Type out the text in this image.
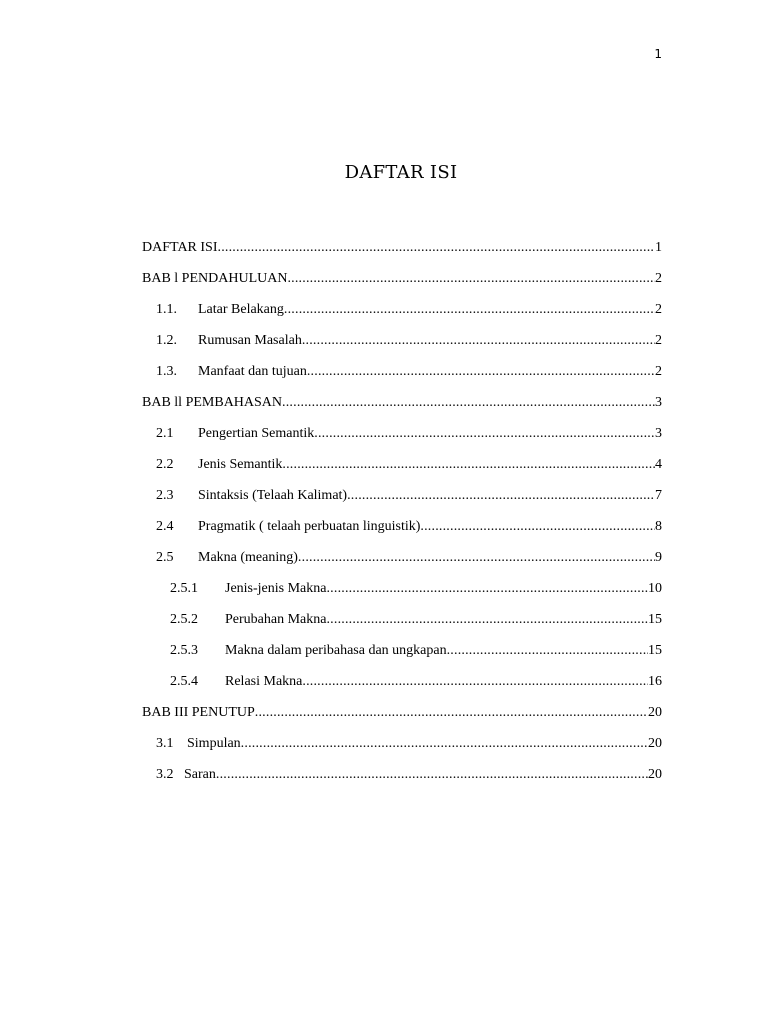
1
DAFTAR ISI
DAFTAR ISI .....	1
BAB l PENDAHULUAN .....	2
1.1.	Latar Belakang .....	2
1.2.	Rumusan Masalah .....	2
1.3.	Manfaat dan tujuan .....	2
BAB ll PEMBAHASAN .....	3
2.1	Pengertian Semantik .....	3
2.2	Jenis Semantik .....	4
2.3	Sintaksis (Telaah Kalimat) .....	7
2.4	Pragmatik ( telaah perbuatan linguistik) .....	8
2.5	Makna (meaning) .....	9
2.5.1	Jenis-jenis Makna .....	10
2.5.2	Perubahan Makna .....	15
2.5.3	Makna dalam peribahasa dan ungkapan .....	15
2.5.4	Relasi Makna .....	16
BAB III PENUTUP .....	20
3.1 Simpulan .....	20
3.2 Saran .....	20
